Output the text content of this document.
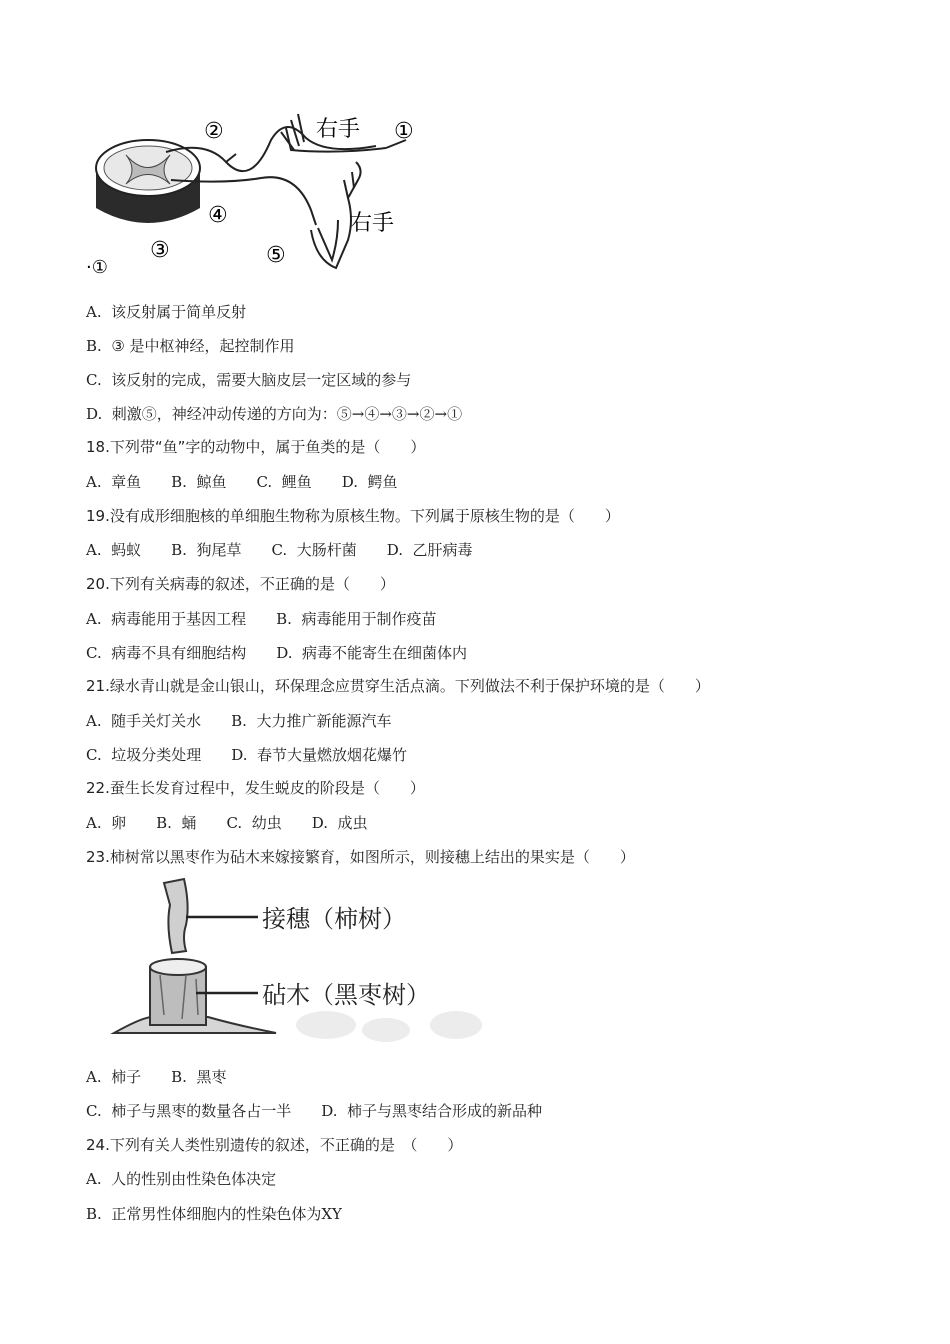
②	右手 ①
④	右手
③	⑤
·①
A.  该反射属于简单反射
B.  ③ 是中枢神经，起控制作用
C.  该反射的完成，需要大脑皮层一定区域的参与
D.  刺激⑤，神经冲动传递的方向为：⑤→④→③→②→①
18.下列带“鱼”字的动物中，属于鱼类的是（　　）
A.  章鱼　　B.  鲸鱼　　C.  鲤鱼　　D.  鳄鱼
19.没有成形细胞核的单细胞生物称为原核生物。下列属于原核生物的是（　　）
A.  蚂蚁　　B.  狗尾草　　C.  大肠杆菌　　D.  乙肝病毒
20.下列有关病毒的叙述，不正确的是（　　）
A.  病毒能用于基因工程　　B.  病毒能用于制作疫苗
C.  病毒不具有细胞结构　　D.  病毒不能寄生在细菌体内
21.绿水青山就是金山银山，环保理念应贯穿生活点滴。下列做法不利于保护环境的是（　　）
A.  随手关灯关水　　B.  大力推广新能源汽车
C.  垃圾分类处理　　D.  春节大量燃放烟花爆竹
22.蚕生长发育过程中，发生蜕皮的阶段是（　　）
A.  卵　　B.  蛹　　C.  幼虫　　D.  成虫
23.柿树常以黑枣作为砧木来嫁接繁育，如图所示，则接穗上结出的果实是（　　）
接穗（柿树）
砧木（黑枣树）
A.  柿子　　B.  黑枣
C.  柿子与黑枣的数量各占一半　　D.  柿子与黑枣结合形成的新品种
24.下列有关人类性别遗传的叙述，不正确的是　（　　）
A.  人的性别由性染色体决定
B.  正常男性体细胞内的性染色体为XY
